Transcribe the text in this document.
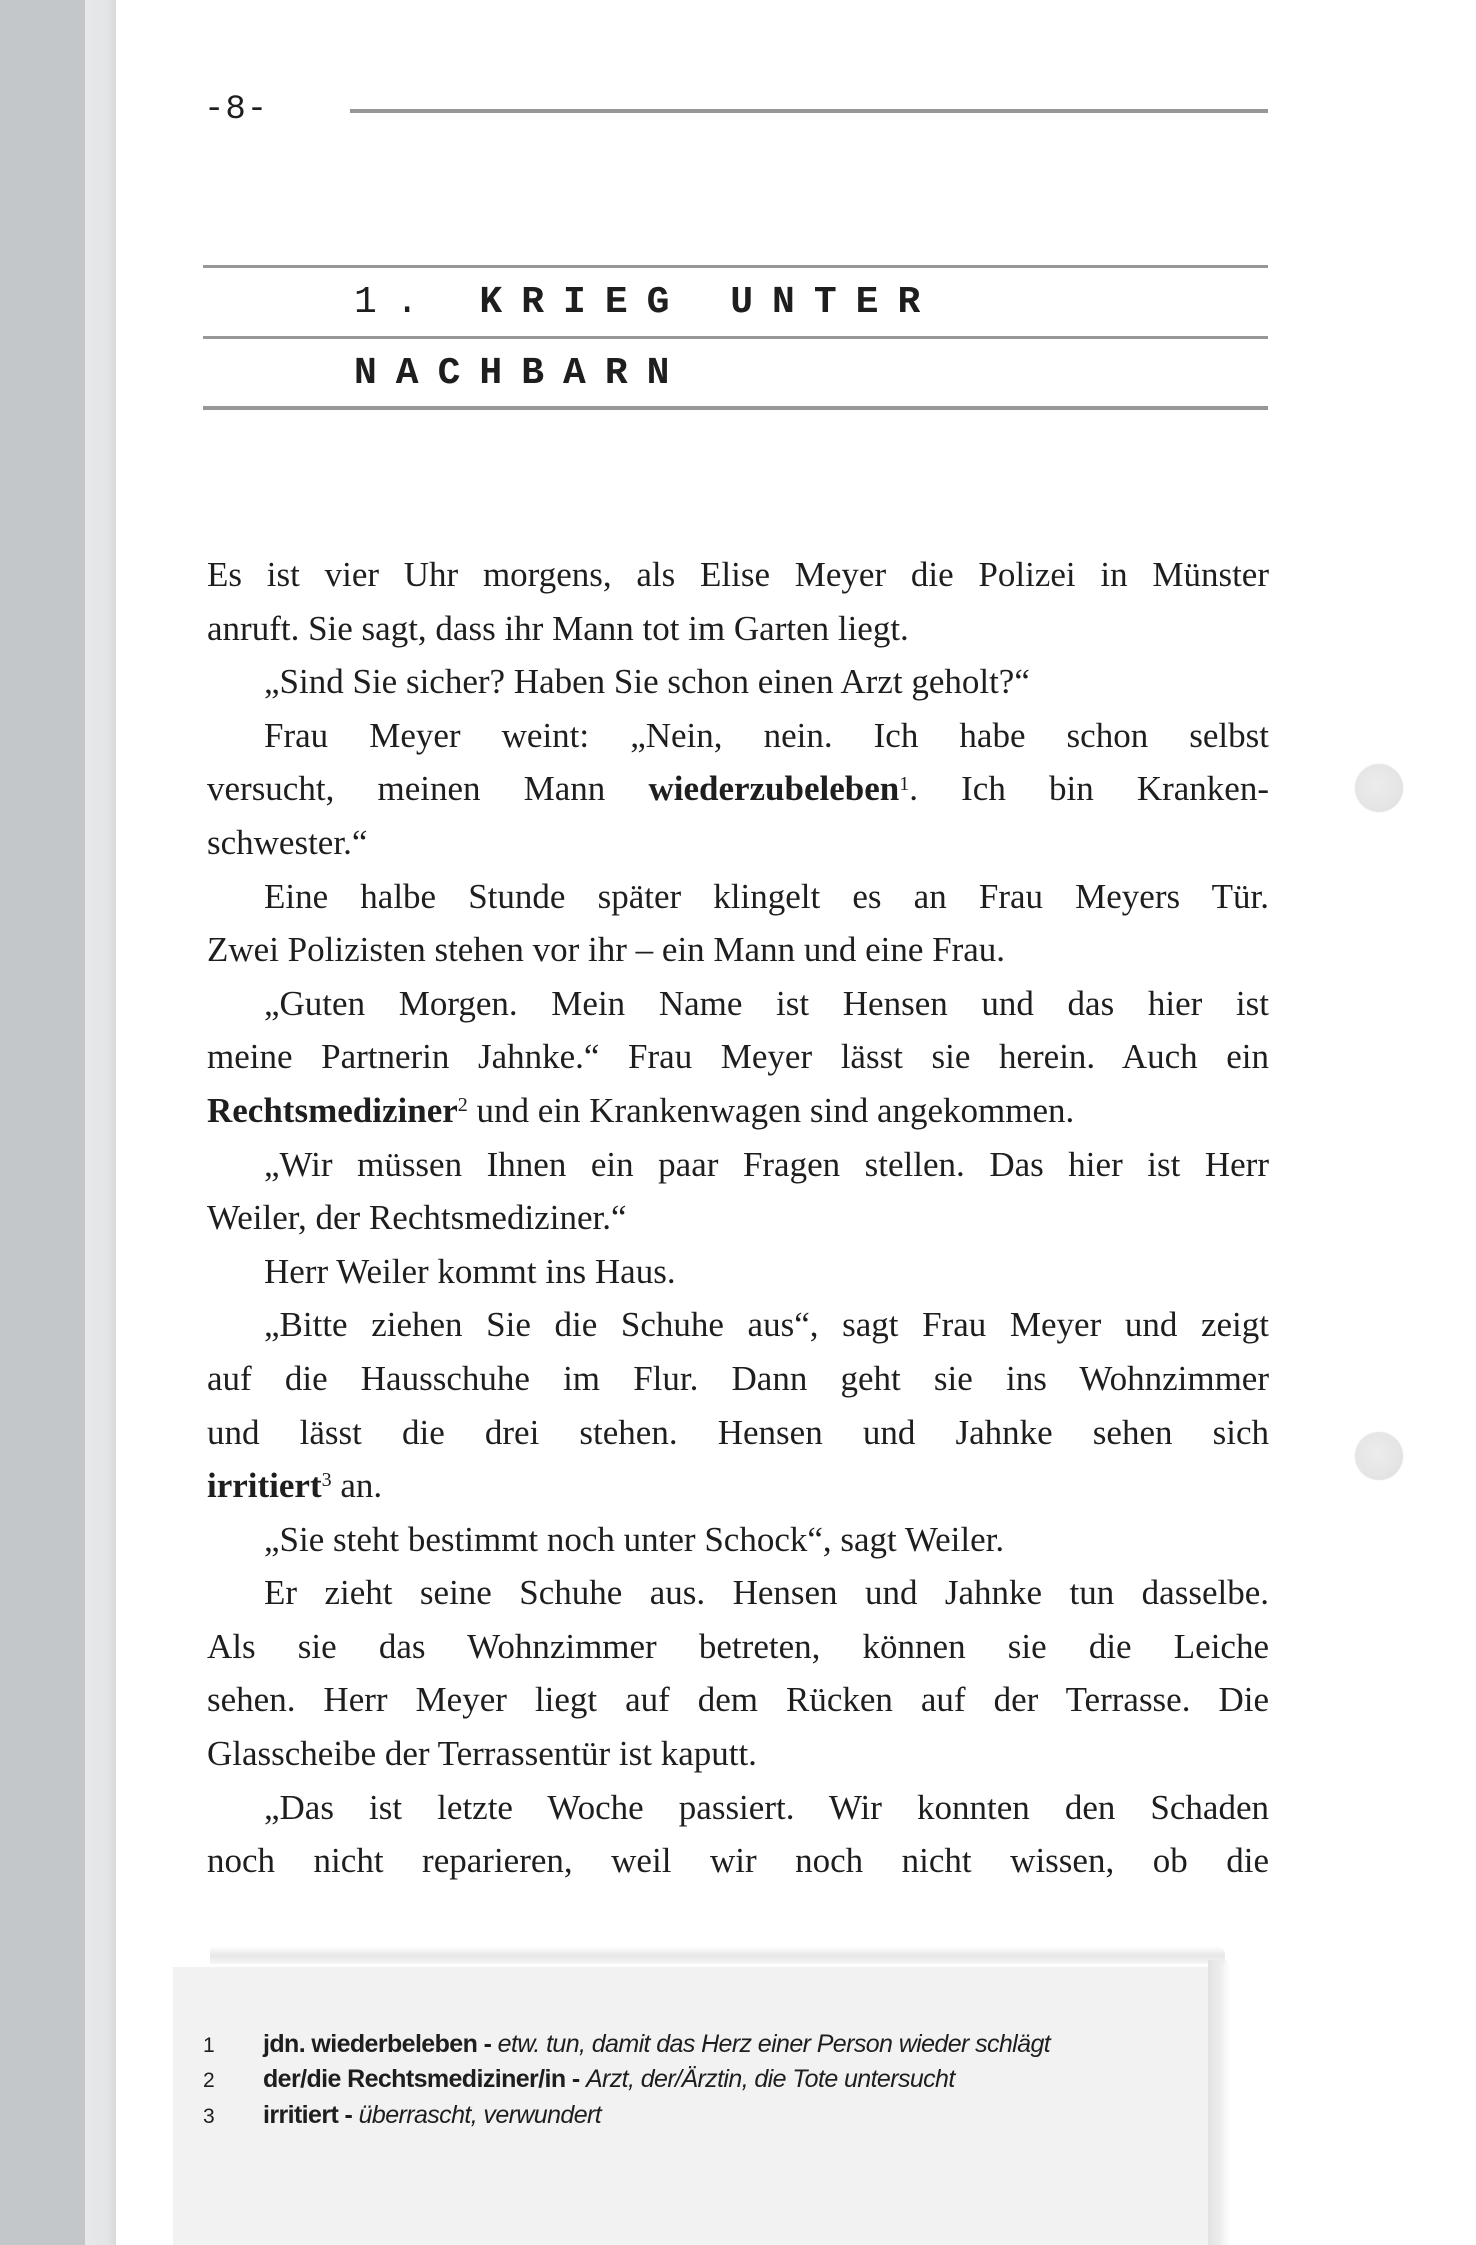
-8-
1. KRIEG UNTER
NACHBARN

Es ist vier Uhr morgens, als Elise Meyer die Polizei in Münster
anruft. Sie sagt, dass ihr Mann tot im Garten liegt.

„Sind Sie sicher? Haben Sie schon einen Arzt geholt?“

Frau Meyer weint: „Nein, nein. Ich habe schon selbst
versucht, meinen Mann wiederzubeleben$^1$. Ich bin Kranken-
schwester.“

Eine halbe Stunde später klingelt es an Frau Meyers Tür.
Zwei Polizisten stehen vor ihr – ein Mann und eine Frau.

„Guten Morgen. Mein Name ist Hensen und das hier ist
meine Partnerin Jahnke.“ Frau Meyer lässt sie herein. Auch ein
Rechtsmediziner$^2$ und ein Krankenwagen sind angekommen.

„Wir müssen Ihnen ein paar Fragen stellen. Das hier ist Herr
Weiler, der Rechtsmediziner.“

Herr Weiler kommt ins Haus.

„Bitte ziehen Sie die Schuhe aus“, sagt Frau Meyer und zeigt
auf die Hausschuhe im Flur. Dann geht sie ins Wohnzimmer
und lässt die drei stehen. Hensen und Jahnke sehen sich
irritiert$^3$ an.

„Sie steht bestimmt noch unter Schock“, sagt Weiler.

Er zieht seine Schuhe aus. Hensen und Jahnke tun dasselbe.
Als sie das Wohnzimmer betreten, können sie die Leiche
sehen. Herr Meyer liegt auf dem Rücken auf der Terrasse. Die
Glasscheibe der Terrassentür ist kaputt.

„Das ist letzte Woche passiert. Wir konnten den Schaden
noch nicht reparieren, weil wir noch nicht wissen, ob die

1 jdn. wiederbeleben - etw. tun, damit das Herz einer Person wieder schlägt
2 der/die Rechtsmediziner/in - Arzt, der/Ärztin, die Tote untersucht
3 irritiert - überrascht, verwundert
